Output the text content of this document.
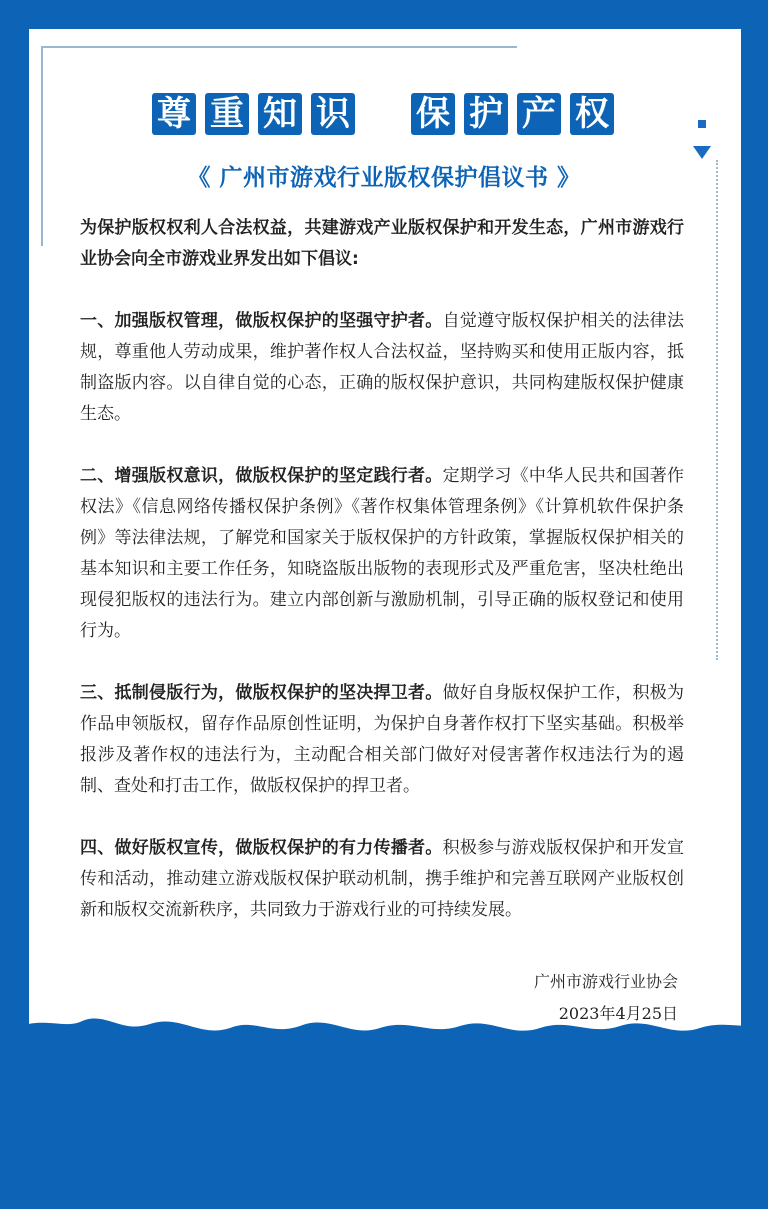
尊 重 知 识 保 护 产 权
《 广州市游戏行业版权保护倡议书 》

为保护版权权利人合法权益，共建游戏产业版权保护和开发生态，广州市游戏行业协会向全市游戏业界发出如下倡议:

一、加强版权管理，做版权保护的坚强守护者。自觉遵守版权保护相关的法律法规，尊重他人劳动成果，维护著作权人合法权益，坚持购买和使用正版内容，抵制盗版内容。以自律自觉的心态，正确的版权保护意识，共同构建版权保护健康生态。

二、增强版权意识，做版权保护的坚定践行者。定期学习《中华人民共和国著作权法》《信息网络传播权保护条例》《著作权集体管理条例》《计算机软件保护条例》等法律法规，了解党和国家关于版权保护的方针政策，掌握版权保护相关的基本知识和主要工作任务，知晓盗版出版物的表现形式及严重危害，坚决杜绝出现侵犯版权的违法行为。建立内部创新与激励机制，引导正确的版权登记和使用行为。

三、抵制侵版行为，做版权保护的坚决捍卫者。做好自身版权保护工作，积极为作品申领版权，留存作品原创性证明，为保护自身著作权打下坚实基础。积极举报涉及著作权的违法行为，主动配合相关部门做好对侵害著作权违法行为的遏制、查处和打击工作，做版权保护的捍卫者。

四、做好版权宣传，做版权保护的有力传播者。积极参与游戏版权保护和开发宣传和活动，推动建立游戏版权保护联动机制，携手维护和完善互联网产业版权创新和版权交流新秩序，共同致力于游戏行业的可持续发展。

广州市游戏行业协会
2023年4月25日
